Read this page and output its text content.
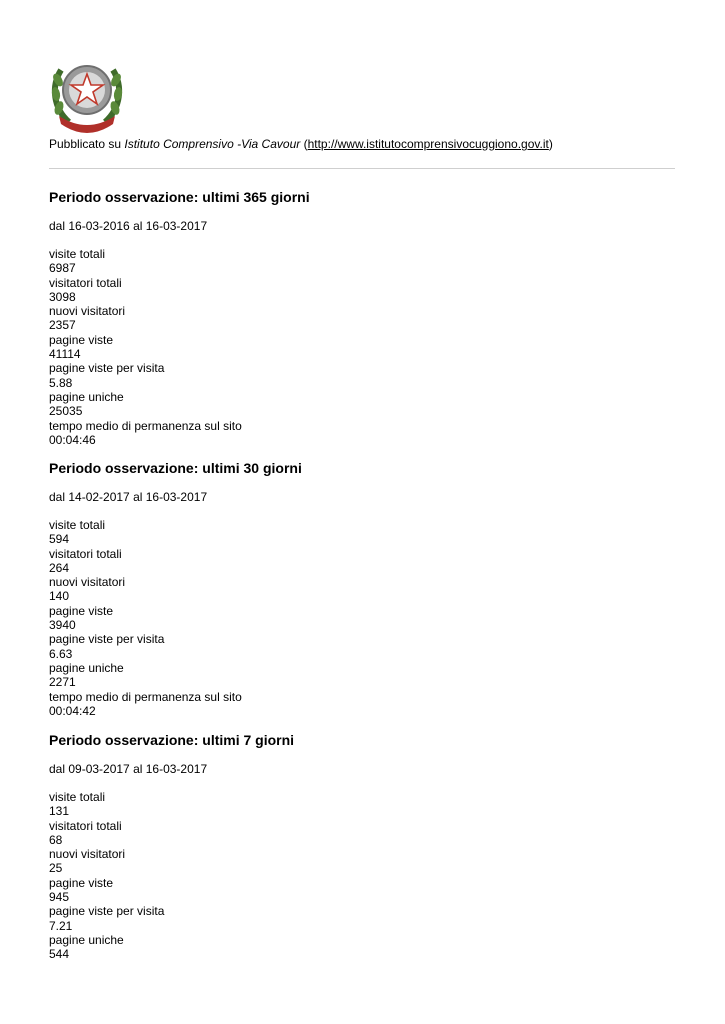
Pubblicato su Istituto Comprensivo -Via Cavour (http://www.istitutocomprensivocuggiono.gov.it)
Periodo osservazione: ultimi 365 giorni
dal 16-03-2016 al 16-03-2017
visite totali
6987
visitatori totali
3098
nuovi visitatori
2357
pagine viste
41114
pagine viste per visita
5.88
pagine uniche
25035
tempo medio di permanenza sul sito
00:04:46
Periodo osservazione: ultimi 30 giorni
dal 14-02-2017 al 16-03-2017
visite totali
594
visitatori totali
264
nuovi visitatori
140
pagine viste
3940
pagine viste per visita
6.63
pagine uniche
2271
tempo medio di permanenza sul sito
00:04:42
Periodo osservazione: ultimi 7 giorni
dal 09-03-2017 al 16-03-2017
visite totali
131
visitatori totali
68
nuovi visitatori
25
pagine viste
945
pagine viste per visita
7.21
pagine uniche
544
